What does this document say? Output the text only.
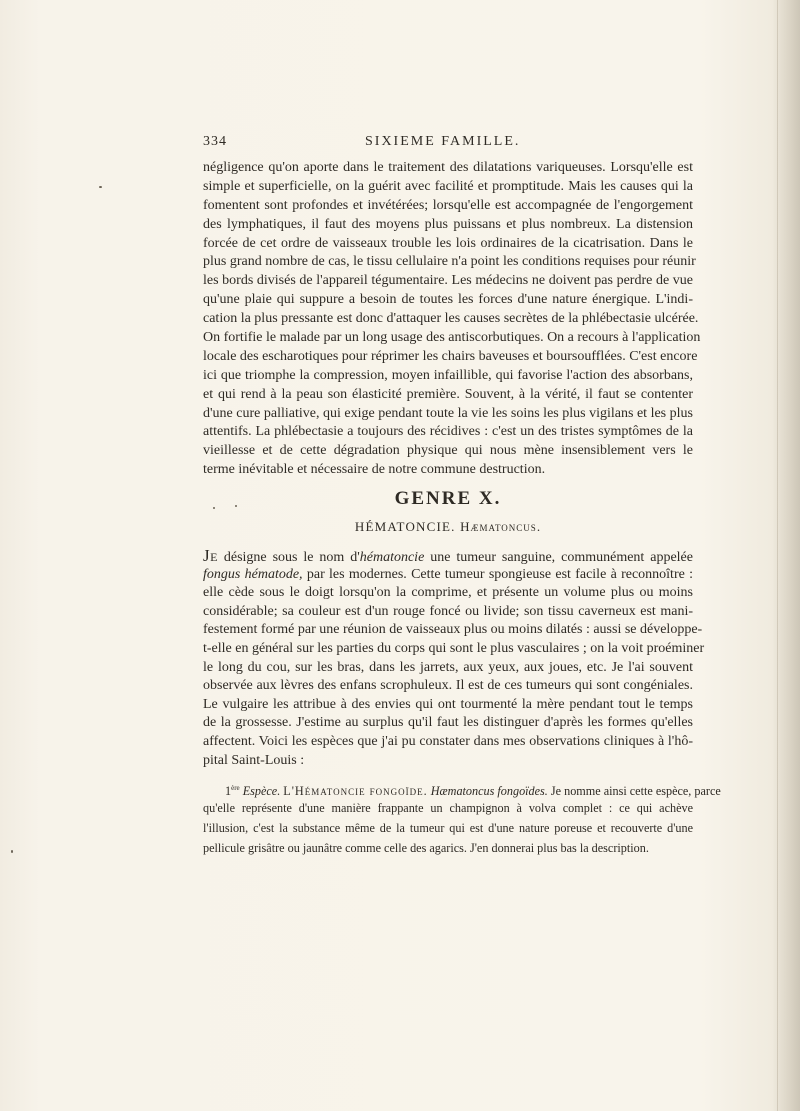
334	SIXIEME FAMILLE.
négligence qu'on aporte dans le traitement des dilatations variqueuses. Lorsqu'elle est
simple et superficielle, on la guérit avec facilité et promptitude. Mais les causes qui la
fomentent sont profondes et invétérées; lorsqu'elle est accompagnée de l'engorgement
des lymphatiques, il faut des moyens plus puissans et plus nombreux. La distension
forcée de cet ordre de vaisseaux trouble les lois ordinaires de la cicatrisation. Dans le
plus grand nombre de cas, le tissu cellulaire n'a point les conditions requises pour réunir
les bords divisés de l'appareil tégumentaire. Les médecins ne doivent pas perdre de vue
qu'une plaie qui suppure a besoin de toutes les forces d'une nature énergique. L'indi-
cation la plus pressante est donc d'attaquer les causes secrètes de la phlébectasie ulcérée.
On fortifie le malade par un long usage des antiscorbutiques. On a recours à l'application
locale des escharotiques pour réprimer les chairs baveuses et boursoufflées. C'est encore
ici que triomphe la compression, moyen infaillible, qui favorise l'action des absorbans,
et qui rend à la peau son élasticité première. Souvent, à la vérité, il faut se contenter
d'une cure palliative, qui exige pendant toute la vie les soins les plus vigilans et les plus
attentifs. La phlébectasie a toujours des récidives : c'est un des tristes symptômes de la
vieillesse et de cette dégradation physique qui nous mène insensiblement vers le
terme inévitable et nécessaire de notre commune destruction.
GENRE X.
HÉMATONCIE. Hæmatoncus.
Je désigne sous le nom d'hématoncie une tumeur sanguine, communément appelée
fongus hématode, par les modernes. Cette tumeur spongieuse est facile à reconnoître :
elle cède sous le doigt lorsqu'on la comprime, et présente un volume plus ou moins
considérable; sa couleur est d'un rouge foncé ou livide; son tissu caverneux est mani-
festement formé par une réunion de vaisseaux plus ou moins dilatés : aussi se développe-
t-elle en général sur les parties du corps qui sont le plus vasculaires ; on la voit proéminer
le long du cou, sur les bras, dans les jarrets, aux yeux, aux joues, etc. Je l'ai souvent
observée aux lèvres des enfans scrophuleux. Il est de ces tumeurs qui sont congéniales.
Le vulgaire les attribue à des envies qui ont tourmenté la mère pendant tout le temps
de la grossesse. J'estime au surplus qu'il faut les distinguer d'après les formes qu'elles
affectent. Voici les espèces que j'ai pu constater dans mes observations cliniques à l'hô-
pital Saint-Louis :
1ère Espèce. L'Hématoncie fongoïde. Hæmatoncus fongoïdes. Je nomme ainsi cette espèce, parce
qu'elle représente d'une manière frappante un champignon à volva complet : ce qui achève
l'illusion, c'est la substance même de la tumeur qui est d'une nature poreuse et recouverte d'une
pellicule grisâtre ou jaunâtre comme celle des agarics. J'en donnerai plus bas la description.
